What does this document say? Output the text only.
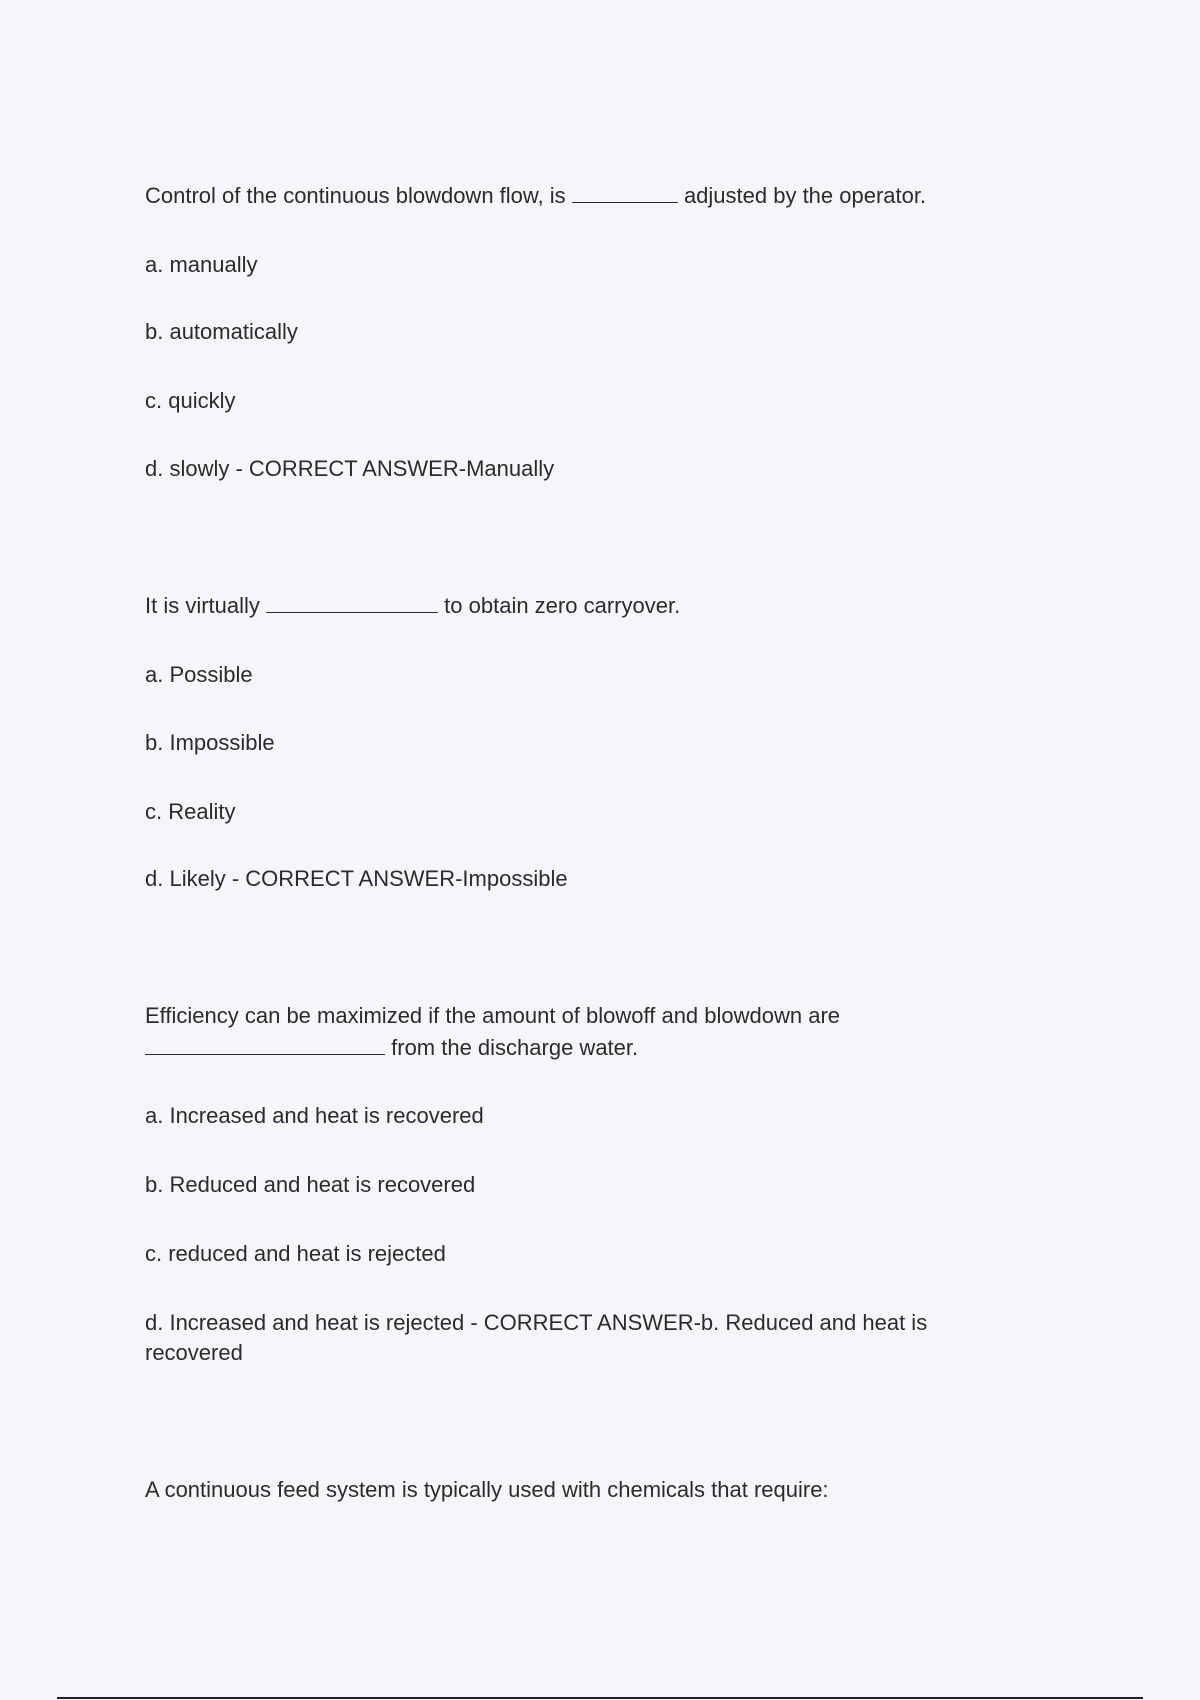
Control of the continuous blowdown flow, is	adjusted by the operator.
a. manually
b. automatically
c. quickly
d. slowly - CORRECT ANSWER-Manually
It is virtually	to obtain zero carryover.
a. Possible
b. Impossible
c. Reality
d. Likely - CORRECT ANSWER-Impossible
Efficiency can be maximized if the amount of blowoff and blowdown are
from the discharge water.
a. Increased and heat is recovered
b. Reduced and heat is recovered
c. reduced and heat is rejected
d. Increased and heat is rejected - CORRECT ANSWER-b. Reduced and heat is
recovered
A continuous feed system is typically used with chemicals that require:
